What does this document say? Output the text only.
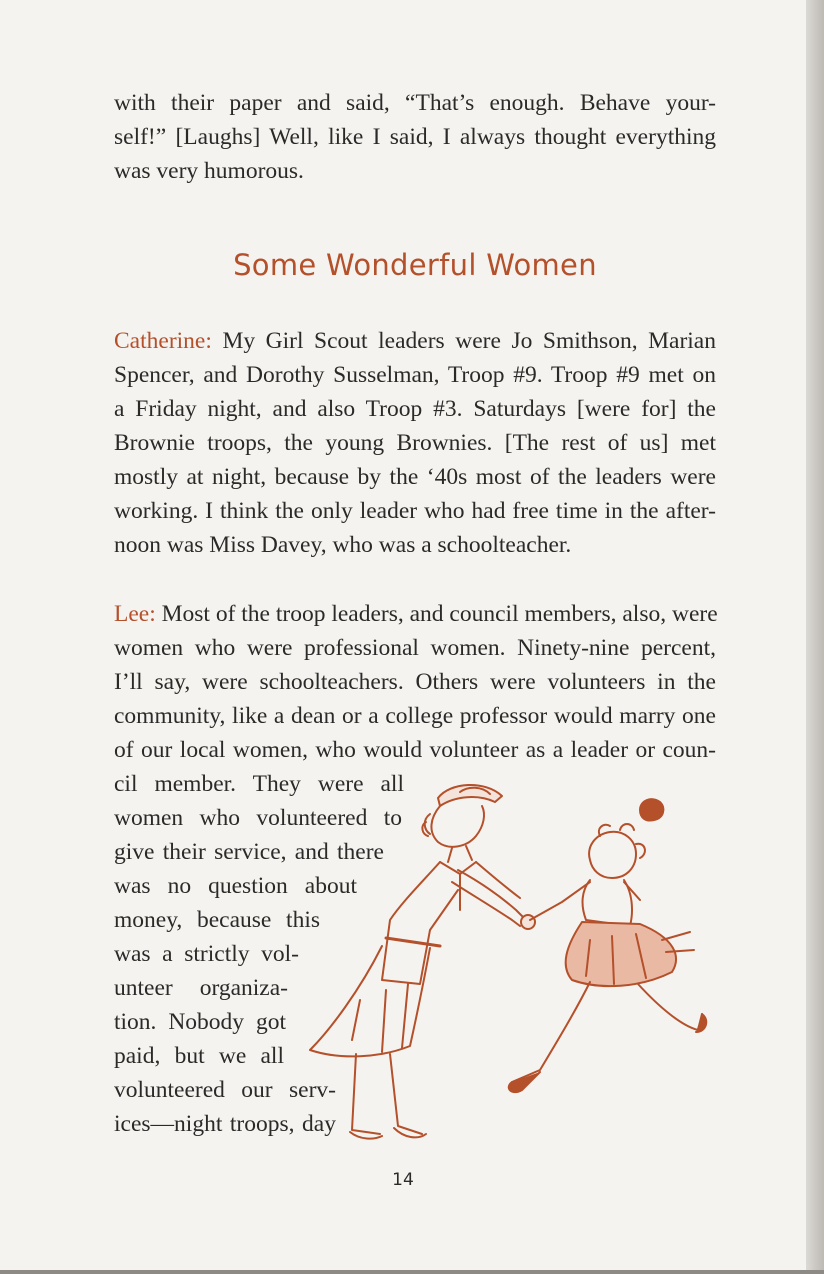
with their paper and said, “That’s enough. Behave your-
self!” [Laughs] Well, like I said, I always thought everything
was very humorous.
Some Wonderful Women
Catherine: My Girl Scout leaders were Jo Smithson, Marian
Spencer, and Dorothy Susselman, Troop #9. Troop #9 met on
a Friday night, and also Troop #3. Saturdays [were for] the
Brownie troops, the young Brownies. [The rest of us] met
mostly at night, because by the ‘40s most of the leaders were
working. I think the only leader who had free time in the after-
noon was Miss Davey, who was a schoolteacher.
Lee: Most of the troop leaders, and council members, also, were
women who were professional women. Ninety-nine percent,
I’ll say, were schoolteachers. Others were volunteers in the
community, like a dean or a college professor would marry one
of our local women, who would volunteer as a leader or coun-
cil member. They were all
women who volunteered to
give their service, and there
was no question about
money, because this
was a strictly vol-
unteer organiza-
tion. Nobody got
paid, but we all
volunteered our serv-
ices—night troops, day
14
